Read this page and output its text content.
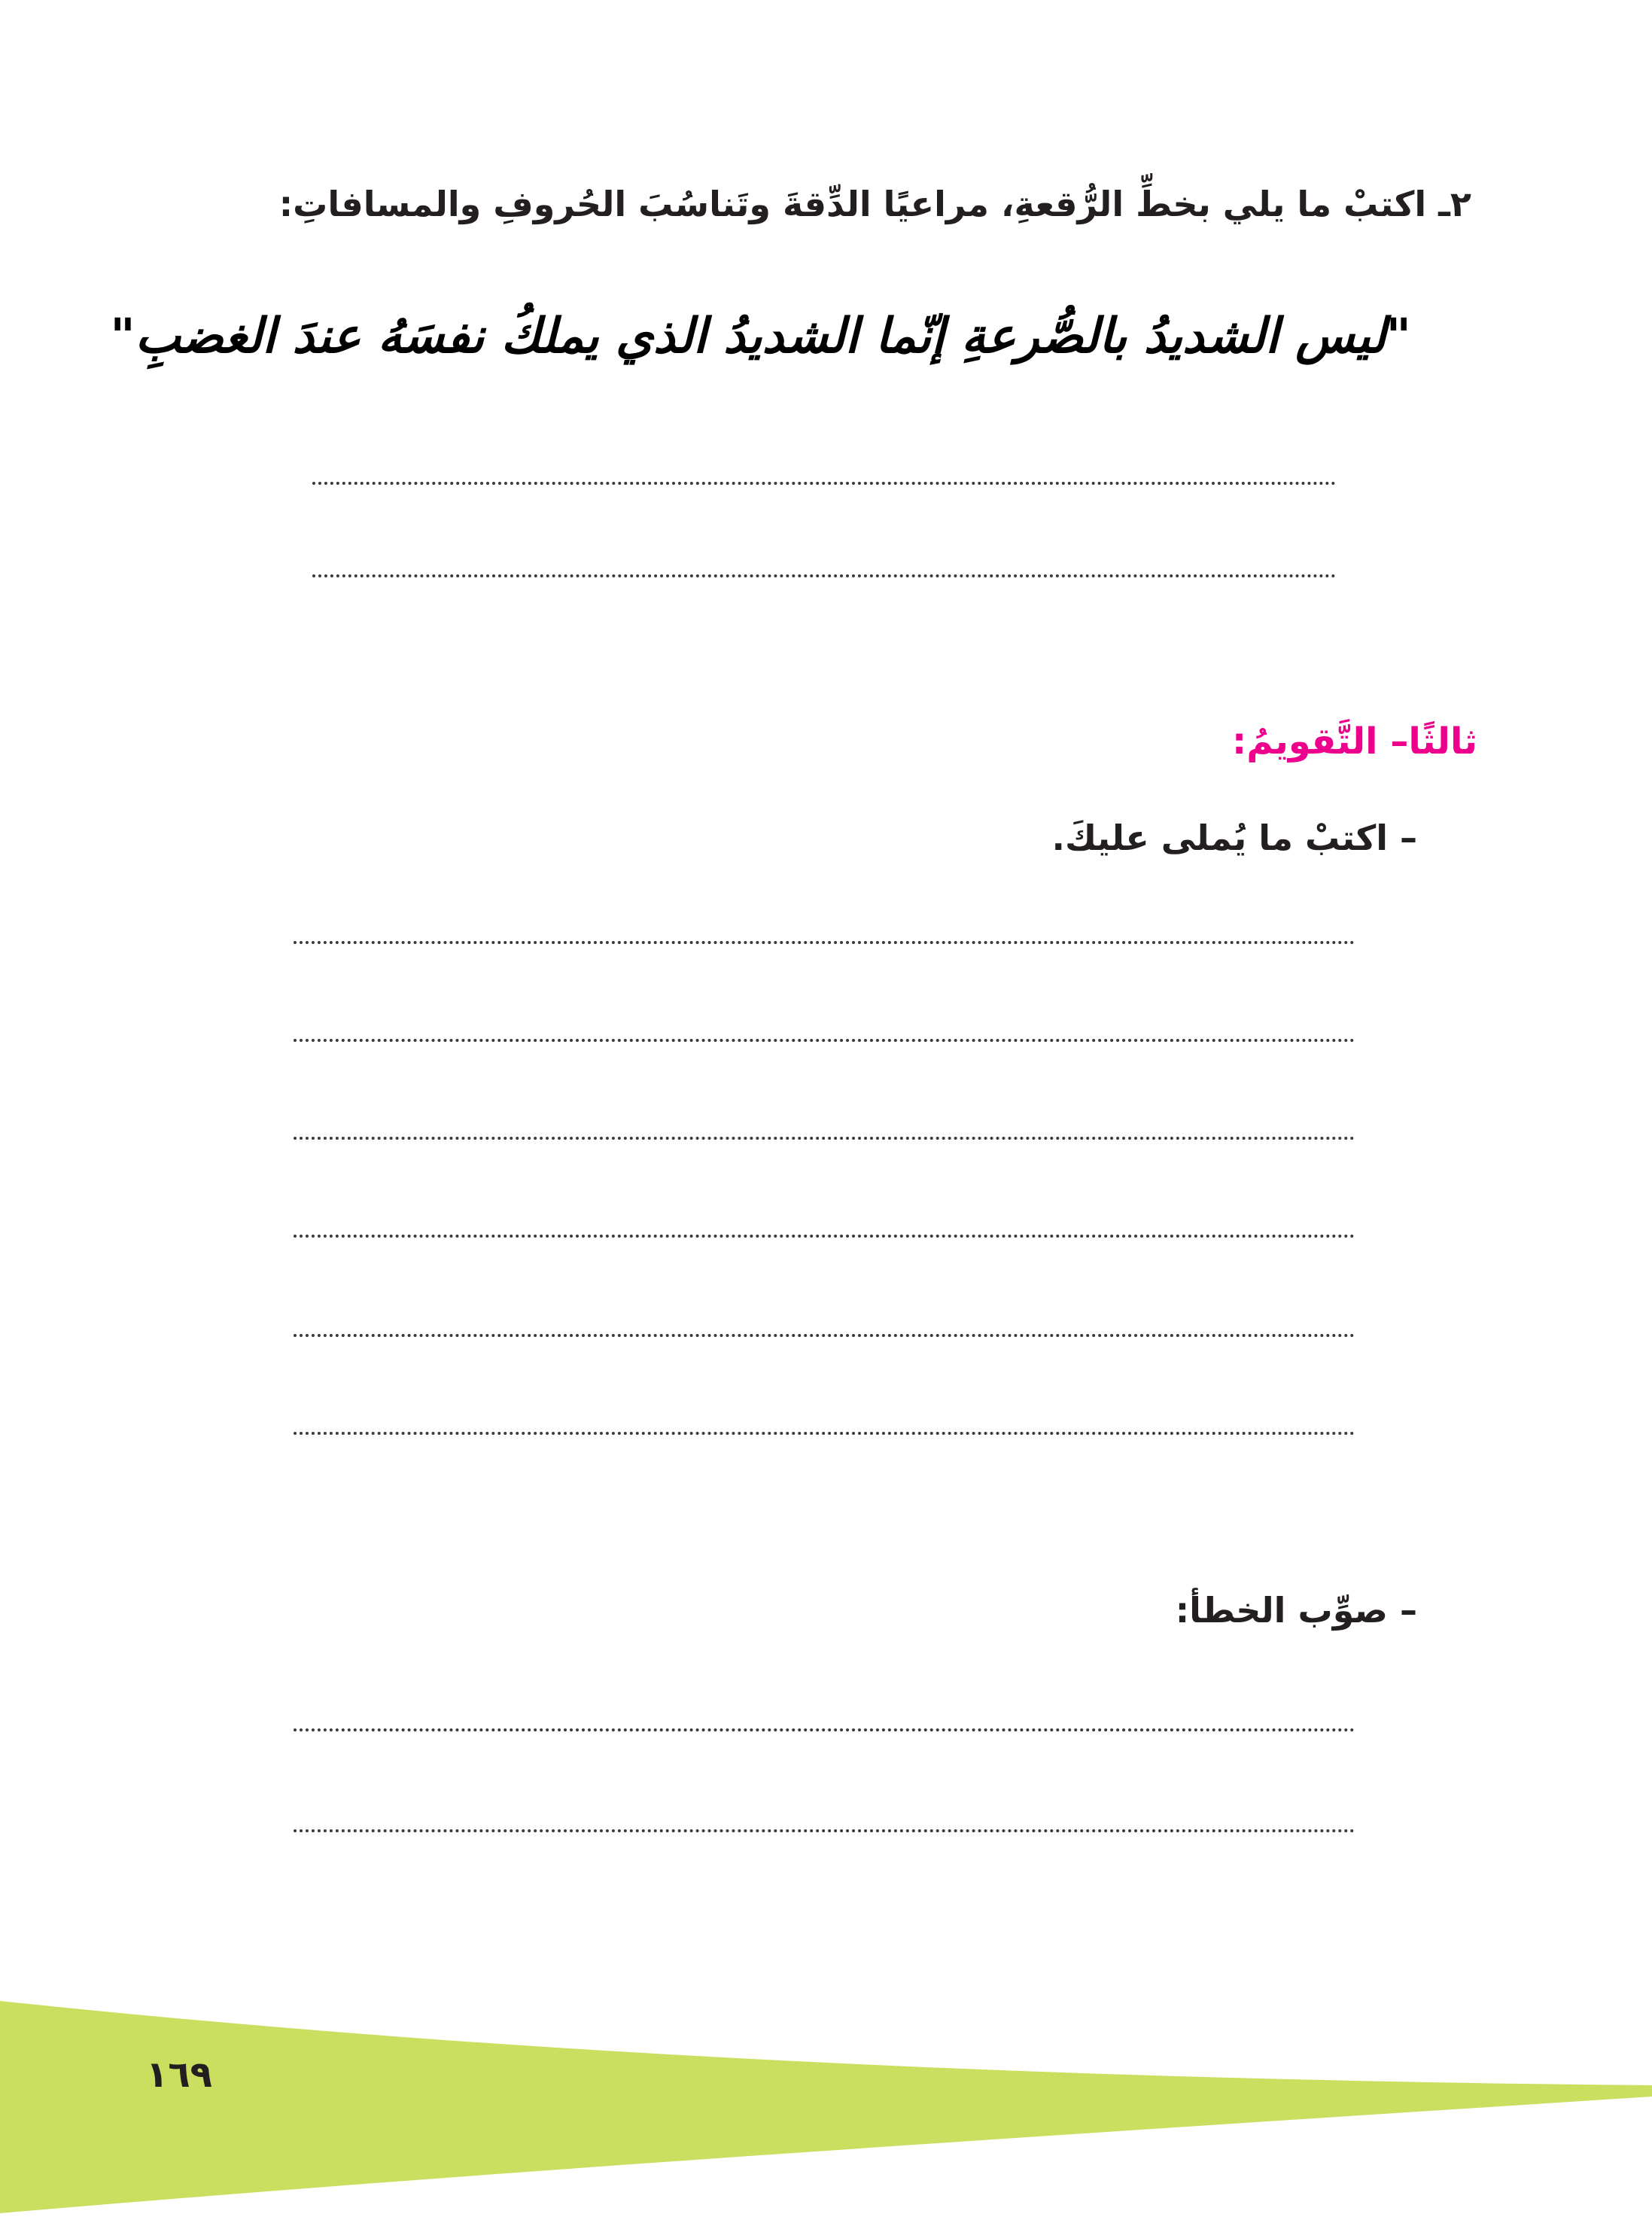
٢ـ اكتبْ ما يلي بخطِّ الرُّقعةِ، مراعيًا الدِّقةَ وتَناسُبَ الحُروفِ والمسافاتِ:
"ليس الشديدُ بالصُّرعةِ إنّما الشديدُ الذي يملكُ نفسَهُ عندَ الغضبِ"
ثالثًا– التَّقويمُ:
– اكتبْ ما يُملى عليكَ.
– صوِّب الخطأ:
١٦٩
